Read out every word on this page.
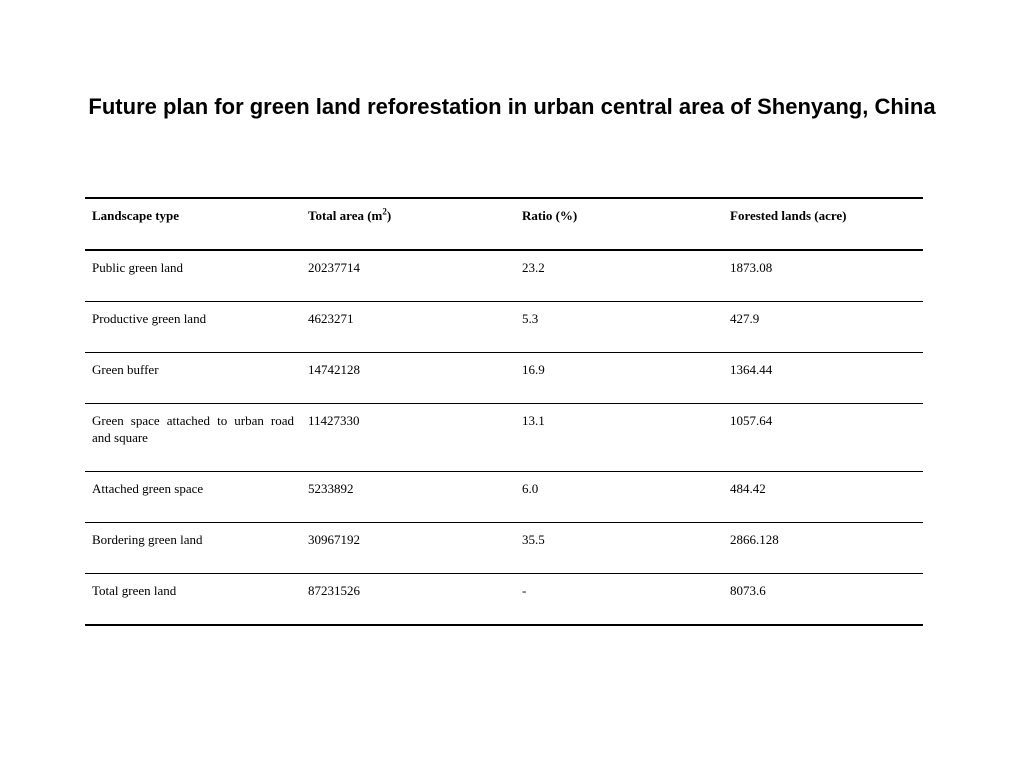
Future plan for green land reforestation in urban central area of Shenyang, China
Landscape type	Total area $(m^2)$	Ratio (%)	Forested lands (acre)
Public green land	20237714	23.2	1873.08
Productive green land	4623271	5.3	427.9
Green buffer	14742128	16.9	1364.44
Green space attached to urban road and square	11427330	13.1	1057.64
Attached green space	5233892	6.0	484.42
Bordering green land	30967192	35.5	2866.128
Total green land	87231526	-	8073.6
